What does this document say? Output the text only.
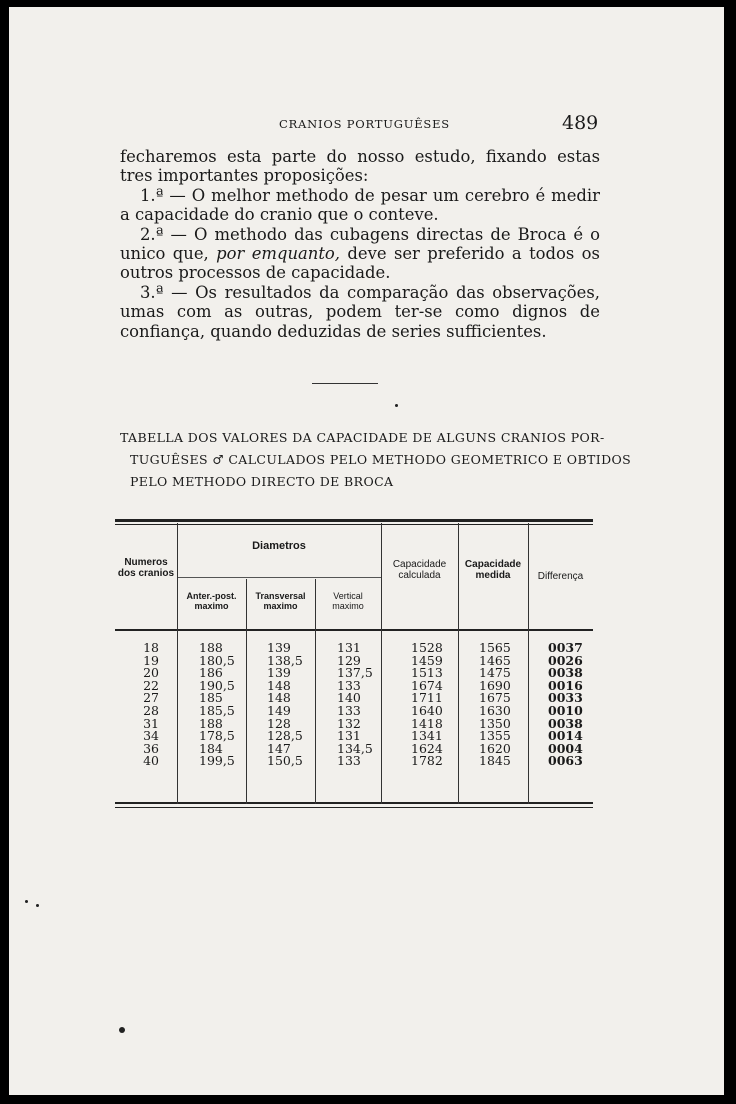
CRANIOS PORTUGUÊSES	489

fecharemos esta parte do nosso estudo, fixando estas tres importantes proposições:

1.ª — O melhor methodo de pesar um cerebro é medir a capacidade do cranio que o conteve.

2.ª — O methodo das cubagens directas de Broca é o unico que, por emquanto, deve ser preferido a todos os outros processos de capacidade.

3.ª — Os resultados da comparação das observações, umas com as outras, podem ter-se como dignos de confiança, quando deduzidas de series sufficientes.

TABELLA DOS VALORES DA CAPACIDADE DE ALGUNS CRANIOS POR-
TUGUÊSES ♂ CALCULADOS PELO METHODO GEOMETRICO E OBTIDOS
PELO METHODO DIRECTO DE BROCA
Numeros
dos cranios
Diametros
Anter.-post.
maximo
Transversal
maximo
Vertical
maximo
Capacidade
calculada
Capacidade
medida	Differença
18
19
20
22
27
28
31
34
36
40
188
180,5
186
190,5
185
185,5
188
178,5
184
199,5
139
138,5
139
148
148
149
128
128,5
147
150,5
131
129
137,5
133
140
133
132
131
134,5
133
1528
1459
1513
1674
1711
1640
1418
1341
1624
1782
1565
1465
1475
1690
1675
1630
1350
1355
1620
1845
0037
0026
0038
0016
0033
0010
0038
0014
0004
0063
